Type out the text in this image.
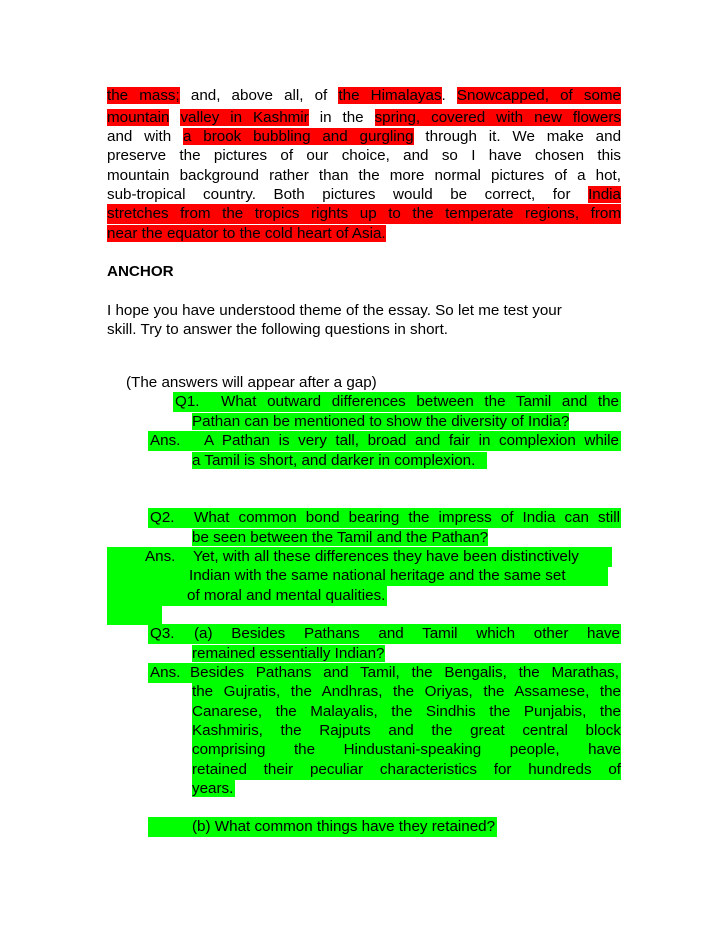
the mass; and, above all, of the Himalayas. Snowcapped, of some
mountain valley in Kashmir in the spring, covered with new flowers
and with a brook bubbling and gurgling through it. We make and
preserve the pictures of our choice, and so I have chosen this
mountain background rather than the more normal pictures of a hot,
sub-tropical country. Both pictures would be correct, for India
stretches from the tropics rights up to the temperate regions, from
near the equator to the cold heart of Asia.
ANCHOR
I hope you have understood theme of the essay. So let me test your
skill. Try to answer the following questions in short.
(The answers will appear after a gap)
Q1. What outward differences between the Tamil and the
Pathan can be mentioned to show the diversity of India?
Ans. A Pathan is very tall, broad and fair in complexion while
a Tamil is short, and darker in complexion.
Q2. What common bond bearing the impress of India can still
be seen between the Tamil and the Pathan?
Ans. Yet, with all these differences they have been distinctively
Indian with the same national heritage and the same set
of moral and mental qualities.
Q3. (a) Besides Pathans and Tamil which other have
remained essentially Indian?
Ans. Besides Pathans and Tamil, the Bengalis, the Marathas,
the Gujratis, the Andhras, the Oriyas, the Assamese, the
Canarese, the Malayalis, the Sindhis the Punjabis, the
Kashmiris, the Rajputs and the great central block
comprising the Hindustani-speaking people, have
retained their peculiar characteristics for hundreds of
years.
(b) What common things have they retained?
